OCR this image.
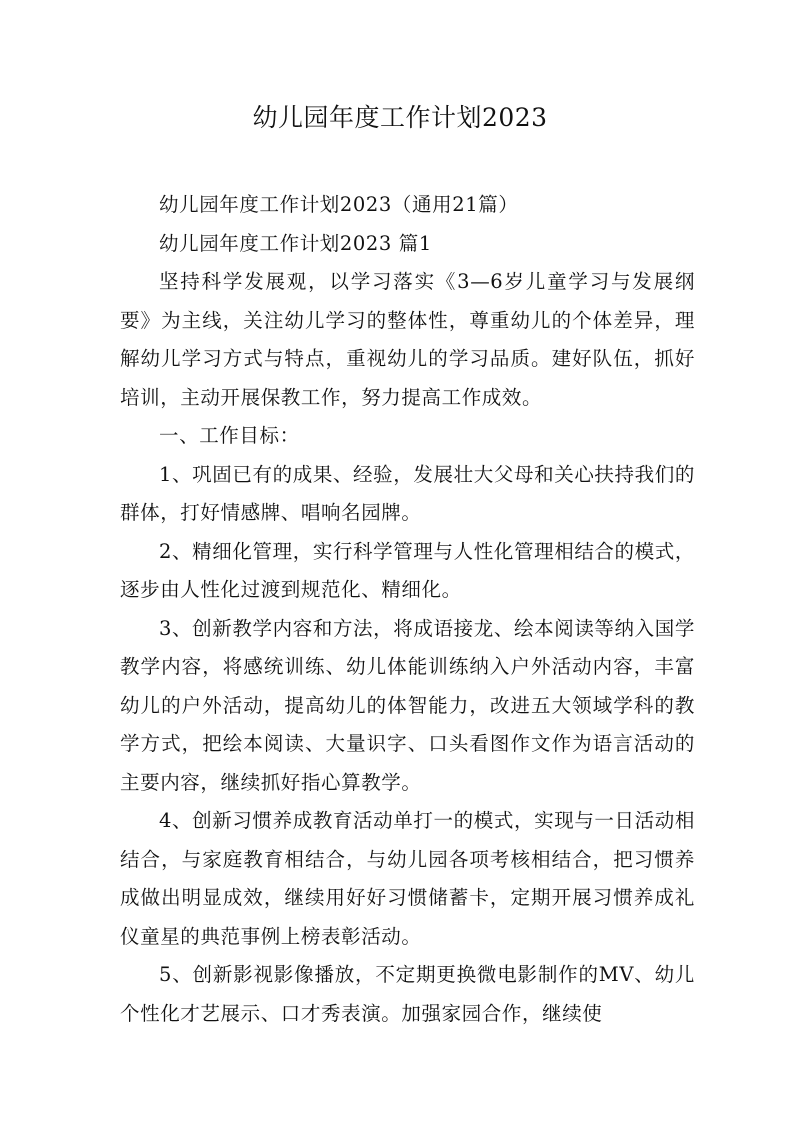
幼儿园年度工作计划2023

幼儿园年度工作计划2023（通用21篇）

幼儿园年度工作计划2023 篇1

坚持科学发展观，以学习落实《3—6岁儿童学习与发展纲要》为主线，关注幼儿学习的整体性，尊重幼儿的个体差异，理解幼儿学习方式与特点，重视幼儿的学习品质。建好队伍，抓好培训，主动开展保教工作，努力提高工作成效。

一、工作目标：

1、巩固已有的成果、经验，发展壮大父母和关心扶持我们的群体，打好情感牌、唱响名园牌。

2、精细化管理，实行科学管理与人性化管理相结合的模式，逐步由人性化过渡到规范化、精细化。

3、创新教学内容和方法，将成语接龙、绘本阅读等纳入国学教学内容，将感统训练、幼儿体能训练纳入户外活动内容，丰富幼儿的户外活动，提高幼儿的体智能力，改进五大领域学科的教学方式，把绘本阅读、大量识字、口头看图作文作为语言活动的主要内容，继续抓好指心算教学。

4、创新习惯养成教育活动单打一的模式，实现与一日活动相结合，与家庭教育相结合，与幼儿园各项考核相结合，把习惯养成做出明显成效，继续用好好习惯储蓄卡，定期开展习惯养成礼仪童星的典范事例上榜表彰活动。

5、创新影视影像播放，不定期更换微电影制作的MV、幼儿个性化才艺展示、口才秀表演。加强家园合作，继续使
